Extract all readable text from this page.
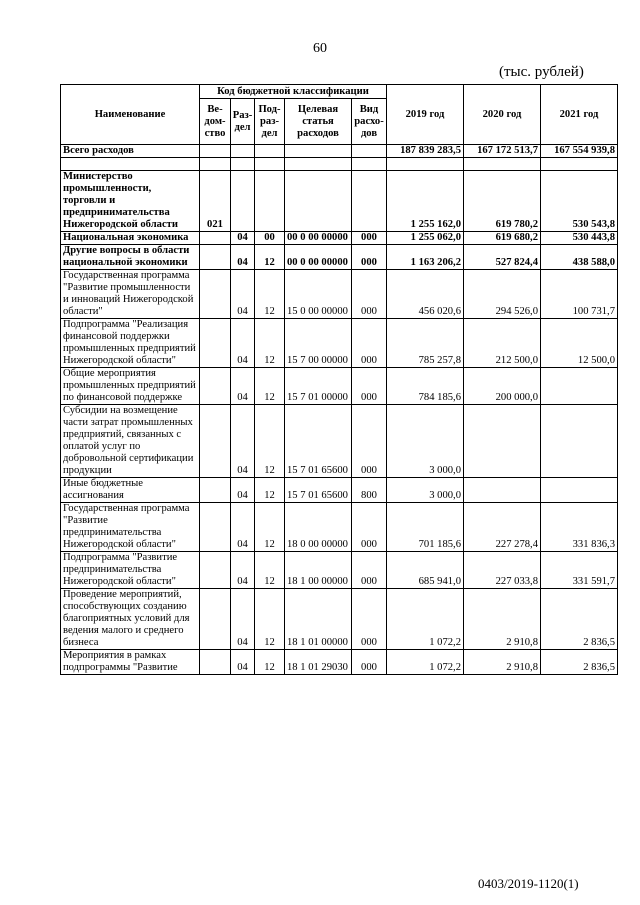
60
(тыс. рублей)
Наименование	Код бюджетной классификации					2019 год	2020 год	2021 год
	Ве-дом-ство	Раз-дел	Под-раз-дел	Целевая статья расходов	Вид расхо-дов			
Всего расходов						187 839 283,5	167 172 513,7	167 554 939,8

Министерство промышленности, торговли и предпринимательства Нижегородской области	021					1 255 162,0	619 780,2	530 543,8
Национальная экономика		04	00	00 0 00 00000	000	1 255 062,0	619 680,2	530 443,8
Другие вопросы в области национальной экономики		04	12	00 0 00 00000	000	1 163 206,2	527 824,4	438 588,0
Государственная программа "Развитие промышленности и инноваций Нижегородской области"		04	12	15 0 00 00000	000	456 020,6	294 526,0	100 731,7
Подпрограмма "Реализация финансовой поддержки промышленных предприятий Нижегородской области"		04	12	15 7 00 00000	000	785 257,8	212 500,0	12 500,0
Общие мероприятия промышленных предприятий по финансовой поддержке		04	12	15 7 01 00000	000	784 185,6	200 000,0	
Субсидии на возмещение части затрат промышленных предприятий, связанных с оплатой услуг по добровольной сертификации продукции		04	12	15 7 01 65600	000	3 000,0		
Иные бюджетные ассигнования		04	12	15 7 01 65600	800	3 000,0		
Государственная программа "Развитие предпринимательства Нижегородской области"		04	12	18 0 00 00000	000	701 185,6	227 278,4	331 836,3
Подпрограмма "Развитие предпринимательства Нижегородской области"		04	12	18 1 00 00000	000	685 941,0	227 033,8	331 591,7
Проведение мероприятий, способствующих созданию благоприятных условий для ведения малого и среднего бизнеса		04	12	18 1 01 00000	000	1 072,2	2 910,8	2 836,5
Мероприятия в рамках подпрограммы "Развитие		04	12	18 1 01 29030	000	1 072,2	2 910,8	2 836,5
0403/2019-1120(1)
